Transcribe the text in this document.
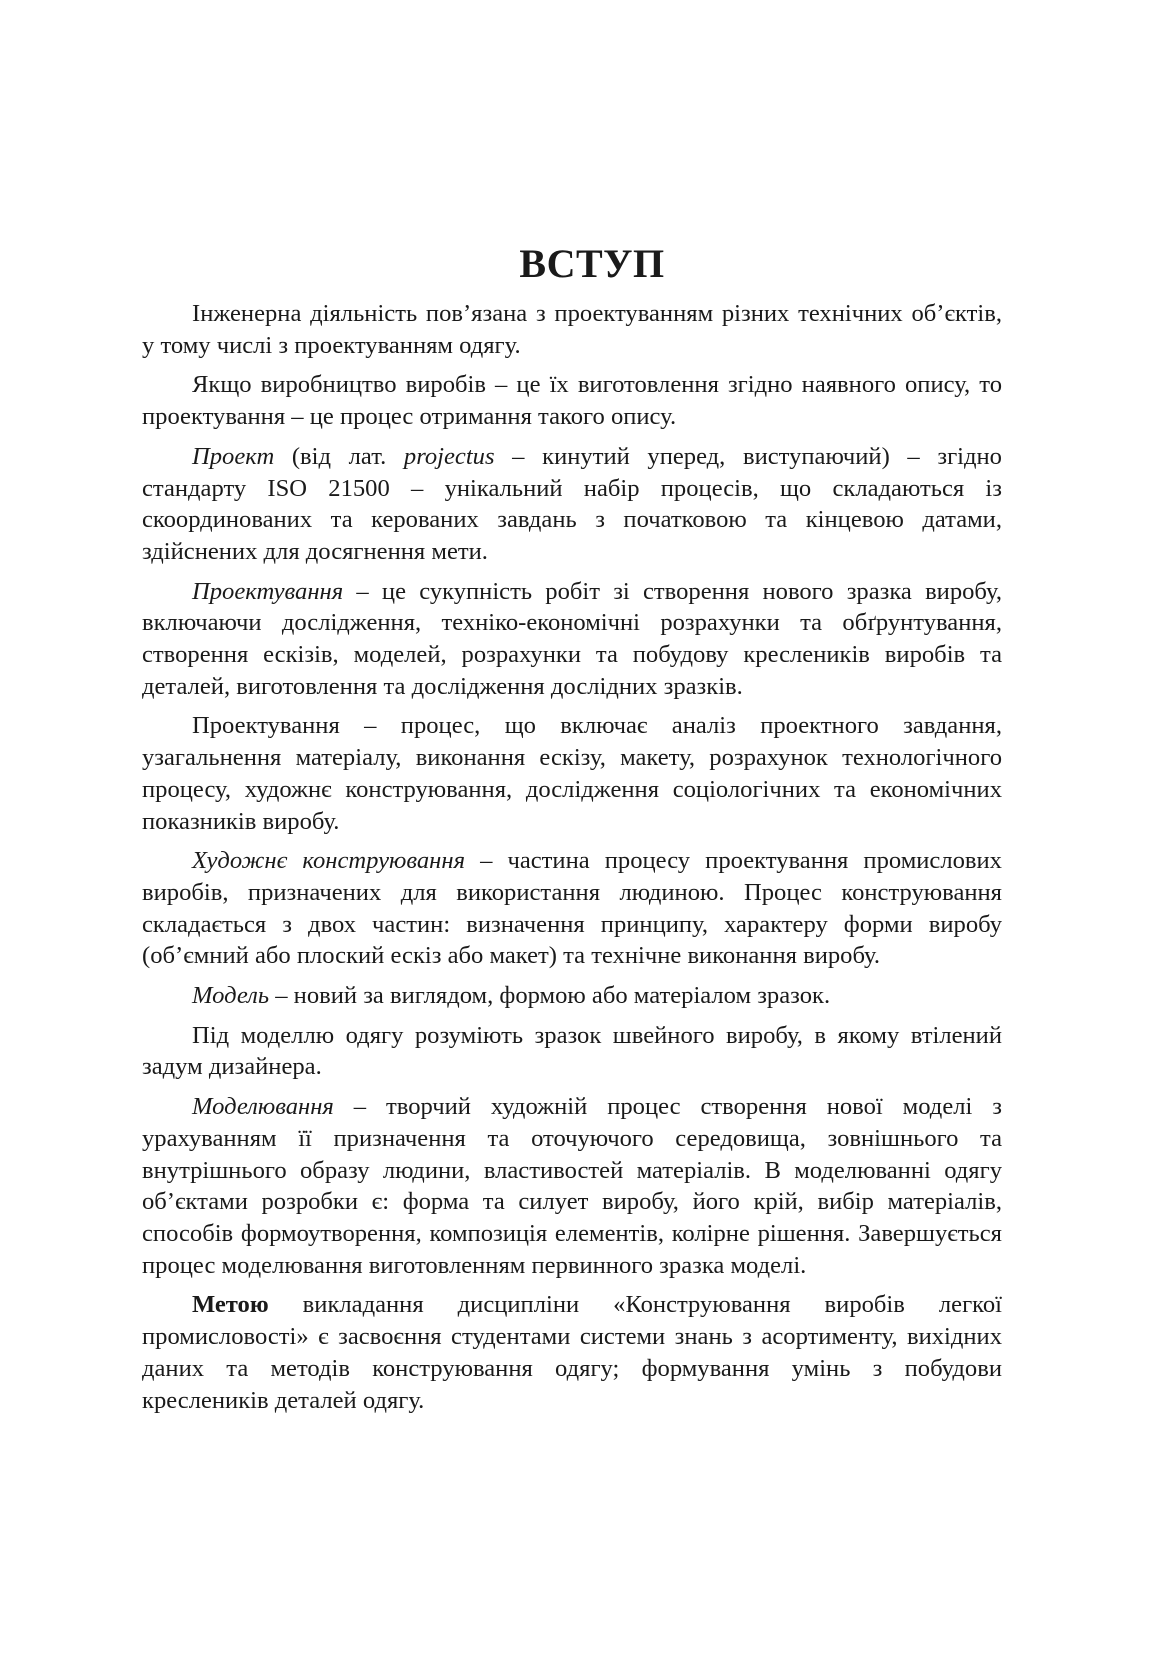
ВСТУП

Інженерна діяльність пов’язана з проектуванням різних технічних об’єктів, у тому числі з проектуванням одягу.

Якщо виробництво виробів – це їх виготовлення згідно наявного опису, то проектування – це процес отримання такого опису.

Проект (від лат. projectus – кинутий уперед, виступаючий) – згідно стандарту ISO 21500 – унікальний набір процесів, що складаються із скоординованих та керованих завдань з початковою та кінцевою датами, здійснених для досягнення мети.

Проектування – це сукупність робіт зі створення нового зразка виробу, включаючи дослідження, техніко-економічні розрахунки та обґрунтування, створення ескізів, моделей, розрахунки та побудову креслеників виробів та деталей, виготовлення та дослідження дослідних зразків.

Проектування – процес, що включає аналіз проектного завдання, узагальнення матеріалу, виконання ескізу, макету, розрахунок технологічного процесу, художнє конструювання, дослідження соціологічних та економічних показників виробу.

Художнє конструювання – частина процесу проектування промислових виробів, призначених для використання людиною. Процес конструювання складається з двох частин: визначення принципу, характеру форми виробу (об’ємний або плоский ескіз або макет) та технічне виконання виробу.

Модель – новий за виглядом, формою або матеріалом зразок.

Під моделлю одягу розуміють зразок швейного виробу, в якому втілений задум дизайнера.

Моделювання – творчий художній процес створення нової моделі з урахуванням її призначення та оточуючого середовища, зовнішнього та внутрішнього образу людини, властивостей матеріалів. В моделюванні одягу об’єктами розробки є: форма та силует виробу, його крій, вибір матеріалів, способів формоутворення, композиція елементів, колірне рішення. Завершується процес моделювання виготовленням первинного зразка моделі.

Метою викладання дисципліни «Конструювання виробів легкої промисловості» є засвоєння студентами системи знань з асортименту, вихідних даних та методів конструювання одягу; формування умінь з побудови креслеників деталей одягу.
